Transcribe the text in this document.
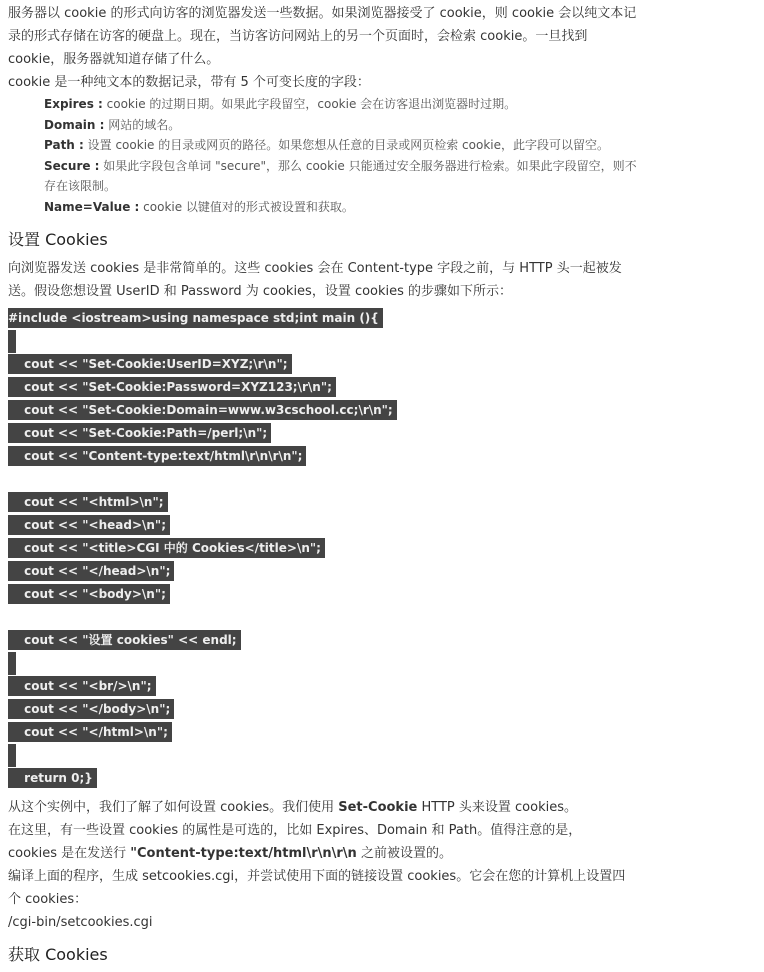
服务器以 cookie 的形式向访客的浏览器发送一些数据。如果浏览器接受了 cookie，则 cookie 会以纯文本记录的形式存储在访客的硬盘上。现在，当访客访问网站上的另一个页面时，会检索 cookie。一旦找到 cookie，服务器就知道存储了什么。

cookie 是一种纯文本的数据记录，带有 5 个可变长度的字段：

Expires : cookie 的过期日期。如果此字段留空，cookie 会在访客退出浏览器时过期。
Domain : 网站的域名。
Path : 设置 cookie 的目录或网页的路径。如果您想从任意的目录或网页检索 cookie，此字段可以留空。
Secure : 如果此字段包含单词 "secure"，那么 cookie 只能通过安全服务器进行检索。如果此字段留空，则不存在该限制。
Name=Value : cookie 以键值对的形式被设置和获取。
设置 Cookies

向浏览器发送 cookies 是非常简单的。这些 cookies 会在 Content-type 字段之前，与 HTTP 头一起被发送。假设您想设置 UserID 和 Password 为 cookies，设置 cookies 的步骤如下所示：

#include <iostream>using namespace std;int main (){
cout << "Set-Cookie:UserID=XYZ;\r\n";
cout << "Set-Cookie:Password=XYZ123;\r\n";
cout << "Set-Cookie:Domain=www.w3cschool.cc;\r\n";
cout << "Set-Cookie:Path=/perl;\n";
cout << "Content-type:text/html\r\n\r\n";
cout << "<html>\n";
cout << "<head>\n";
cout << "<title>CGI 中的 Cookies</title>\n";
cout << "</head>\n";
cout << "<body>\n";
cout << "设置 cookies" << endl;
cout << "<br/>\n";
cout << "</body>\n";
cout << "</html>\n";
return 0;}

从这个实例中，我们了解了如何设置 cookies。我们使用 Set-Cookie HTTP 头来设置 cookies。

在这里，有一些设置 cookies 的属性是可选的，比如 Expires、Domain 和 Path。值得注意的是，

cookies 是在发送行 "Content-type:text/html\r\n\r\n 之前被设置的。

编译上面的程序，生成 setcookies.cgi，并尝试使用下面的链接设置 cookies。它会在您的计算机上设置四个 cookies：

/cgi-bin/setcookies.cgi

获取 Cookies
